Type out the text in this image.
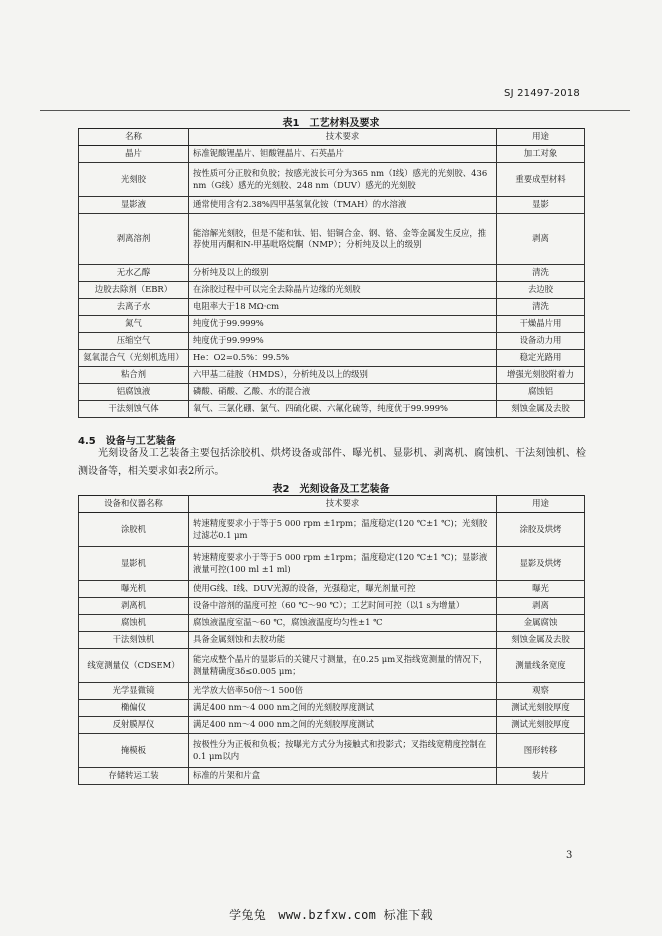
SJ 21497-2018
表1　工艺材料及要求
名称	技术要求	用途
晶片	标准铌酸锂晶片、钽酸锂晶片、石英晶片	加工对象
光刻胶	按性质可分正胶和负胶；按感光波长可分为365 nm（I线）感光的光刻胶、436 nm（G线）感光的光刻胶、248 nm（DUV）感光的光刻胶	重要成型材料
显影液	通常使用含有2.38%四甲基氢氧化铵（TMAH）的水溶液	显影
剥离溶剂	能溶解光刻胶，但是不能和钛、铝、铝铜合金、钢、铬、金等金属发生反应，推荐使用丙酮和N-甲基吡咯烷酮（NMP）；分析纯及以上的级别	剥离
无水乙醇	分析纯及以上的级别	清洗
边胶去除剂（EBR）	在涂胶过程中可以完全去除晶片边缘的光刻胶	去边胶
去离子水	电阻率大于18 MΩ·cm	清洗
氮气	纯度优于99.999%	干燥晶片用
压缩空气	纯度优于99.999%	设备动力用
氦氧混合气（光刻机选用）	He：O2=0.5%：99.5%	稳定光路用
粘合剂	六甲基二硅胺（HMDS），分析纯及以上的级别	增强光刻胶附着力
铝腐蚀液	磷酸、硝酸、乙酸、水的混合液	腐蚀铝
干法刻蚀气体	氧气、三氯化硼、氯气、四硫化碳、六氟化硫等，纯度优于99.999%	刻蚀金属及去胶
4.5　设备与工艺装备
光刻设备及工艺装备主要包括涂胶机、烘烤设备或部件、曝光机、显影机、剥离机、腐蚀机、干法刻蚀机、检测设备等，相关要求如表2所示。
表2　光刻设备及工艺装备
设备和仪器名称	技术要求	用途
涂胶机	转速精度要求小于等于5 000 rpm ±1rpm；温度稳定(120 ℃±1 ℃)；光刻胶过滤芯0.1 μm	涂胶及烘烤
显影机	转速精度要求小于等于5 000 rpm ±1rpm；温度稳定(120 ℃±1 ℃)；显影液液量可控(100 ml ±1 ml)	显影及烘烤
曝光机	使用G线、I线、DUV光源的设备，光强稳定，曝光剂量可控	曝光
剥离机	设备中溶剂的温度可控（60 ℃～90 ℃）；工艺时间可控（以1 s为增量）	剥离
腐蚀机	腐蚀液温度室温～60 ℃，腐蚀液温度均匀性±1 ℃	金属腐蚀
干法刻蚀机	具备金属刻蚀和去胶功能	刻蚀金属及去胶
线宽测量仪（CDSEM）	能完成整个晶片的显影后的关键尺寸测量，在0.25 μm叉指线宽测量的情况下，测量精确度3δ≤0.005 μm；	测量线条宽度
光学显微镜	光学放大倍率50倍～1 500倍	观察
椭偏仪	满足400 nm～4 000 nm之间的光刻胶厚度测试	测试光刻胶厚度
反射膜厚仪	满足400 nm～4 000 nm之间的光刻胶厚度测试	测试光刻胶厚度
掩模板	按极性分为正板和负板；按曝光方式分为接触式和投影式；叉指线宽精度控制在0.1 μm以内	图形转移
存储转运工装	标准的片架和片盒	装片
3
学兔兔　www.bzfxw.com 标准下载
